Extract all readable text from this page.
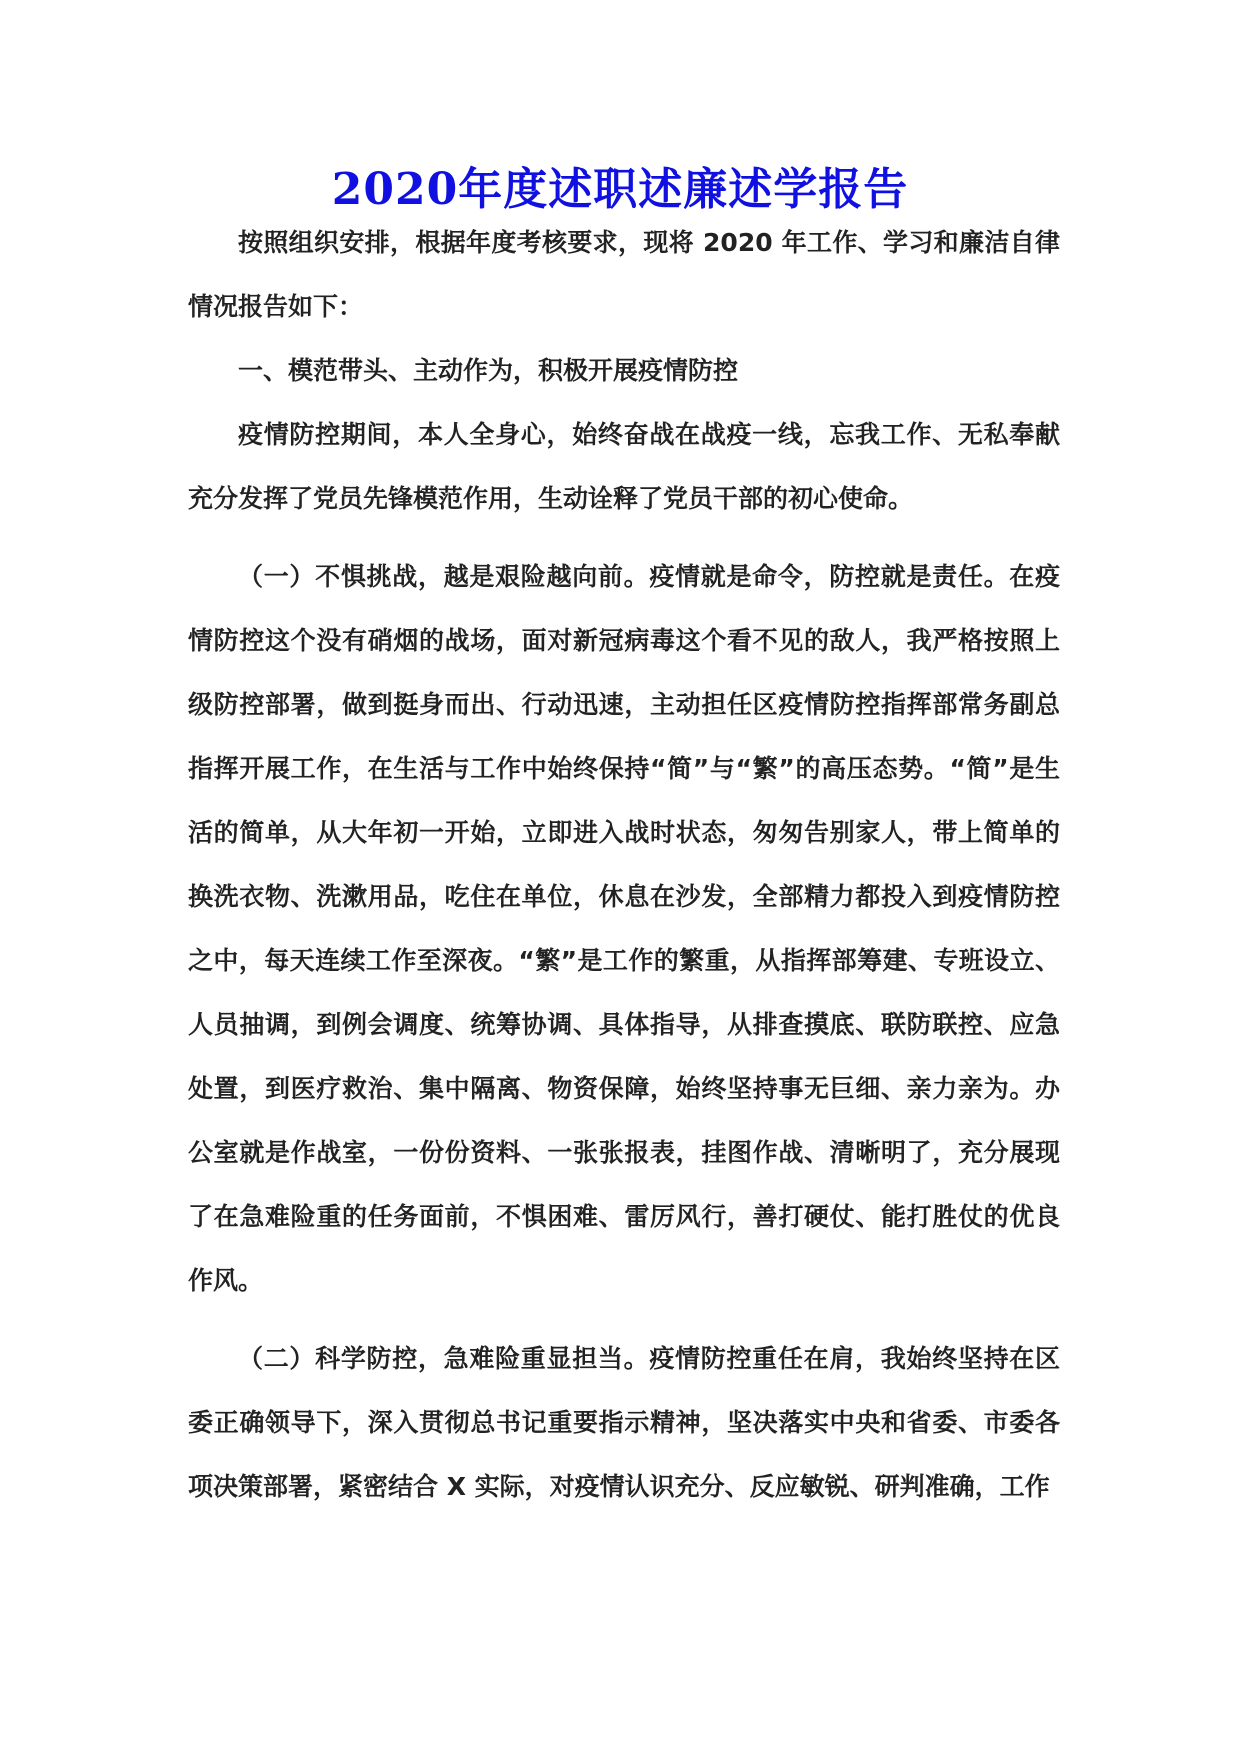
2020年度述职述廉述学报告

按照组织安排，根据年度考核要求，现将 2020 年工作、学习和廉洁自律情况报告如下：

一、模范带头、主动作为，积极开展疫情防控

疫情防控期间，本人全身心，始终奋战在战疫一线，忘我工作、无私奉献充分发挥了党员先锋模范作用，生动诠释了党员干部的初心使命。

（一）不惧挑战，越是艰险越向前。疫情就是命令，防控就是责任。在疫情防控这个没有硝烟的战场，面对新冠病毒这个看不见的敌人，我严格按照上级防控部署，做到挺身而出、行动迅速，主动担任区疫情防控指挥部常务副总指挥开展工作，在生活与工作中始终保持“简”与“繁”的高压态势。“简”是生活的简单，从大年初一开始，立即进入战时状态，匆匆告别家人，带上简单的换洗衣物、洗漱用品，吃住在单位，休息在沙发，全部精力都投入到疫情防控之中，每天连续工作至深夜。“繁”是工作的繁重，从指挥部筹建、专班设立、人员抽调，到例会调度、统筹协调、具体指导，从排查摸底、联防联控、应急处置，到医疗救治、集中隔离、物资保障，始终坚持事无巨细、亲力亲为。办公室就是作战室，一份份资料、一张张报表，挂图作战、清晰明了，充分展现了在急难险重的任务面前，不惧困难、雷厉风行，善打硬仗、能打胜仗的优良作风。

（二）科学防控，急难险重显担当。疫情防控重任在肩，我始终坚持在区委正确领导下，深入贯彻总书记重要指示精神，坚决落实中央和省委、市委各项决策部署，紧密结合 X 实际，对疫情认识充分、反应敏锐、研判准确，工作
